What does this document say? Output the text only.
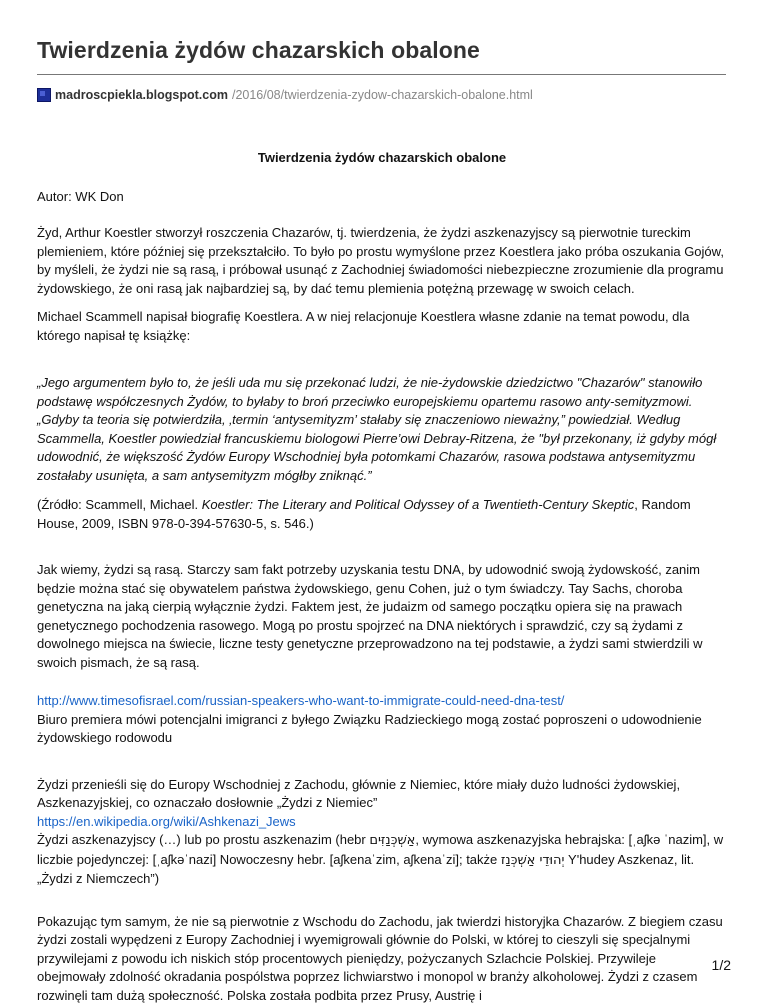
Twierdzenia żydów chazarskich obalone
madroscpiekla.blogspot.com /2016/08/twierdzenia-zydow-chazarskich-obalone.html

Twierdzenia żydów chazarskich obalone

Autor: WK Don

Żyd, Arthur Koestler stworzył roszczenia Chazarów, tj. twierdzenia, że żydzi aszkenazyjscy są pierwotnie tureckim plemieniem, które później się przekształciło. To było po prostu wymyślone przez Koestlera jako próba oszukania Gojów, by myśleli, że żydzi nie są rasą, i próbował usunąć z Zachodniej świadomości niebezpieczne zrozumienie dla programu żydowskiego, że oni rasą jak najbardziej są, by dać temu plemienia potężną przewagę w swoich celach.

Michael Scammell napisał biografię Koestlera. A w niej relacjonuje Koestlera własne zdanie na temat powodu, dla którego napisał tę książkę:

„Jego argumentem było to, że jeśli uda mu się przekonać ludzi, że nie-żydowskie dziedzictwo "Chazarów" stanowiło podstawę współczesnych Żydów, to byłaby to broń przeciwko europejskiemu opartemu rasowo anty-semityzmowi. „Gdyby ta teoria się potwierdziła, ‚termin ‘antysemityzm’ stałaby się znaczeniowo nieważny,” powiedział. Według Scammella, Koestler powiedział francuskiemu biologowi Pierre’owi Debray-Ritzena, że "był przekonany, iż gdyby mógł udowodnić, że większość Żydów Europy Wschodniej była potomkami Chazarów, rasowa podstawa antysemityzmu zostałaby usunięta, a sam antysemityzm mógłby zniknąć.”

(Źródło: Scammell, Michael. Koestler: The Literary and Political Odyssey of a Twentieth-Century Skeptic, Random House, 2009, ISBN 978-0-394-57630-5, s. 546.)

Jak wiemy, żydzi są rasą. Starczy sam fakt potrzeby uzyskania testu DNA, by udowodnić swoją żydowskość, zanim będzie można stać się obywatelem państwa żydowskiego, genu Cohen, już o tym świadczy. Tay Sachs, choroba genetyczna na jaką cierpią wyłącznie żydzi. Faktem jest, że judaizm od samego początku opiera się na prawach genetycznego pochodzenia rasowego. Mogą po prostu spojrzeć na DNA niektórych i sprawdzić, czy są żydami z dowolnego miejsca na świecie, liczne testy genetyczne przeprowadzono na tej podstawie, a żydzi sami stwierdzili w swoich pismach, że są rasą.

http://www.timesofisrael.com/russian-speakers-who-want-to-immigrate-could-need-dna-test/
Biuro premiera mówi potencjalni imigranci z byłego Związku Radzieckiego mogą zostać poproszeni o udowodnienie żydowskiego rodowodu

Żydzi przenieśli się do Europy Wschodniej z Zachodu, głównie z Niemiec, które miały dużo ludności żydowskiej, Aszkenazyjskiej, co oznaczało dosłownie „Żydzi z Niemiec”
https://en.wikipedia.org/wiki/Ashkenazi_Jews
Żydzi aszkenazyjscy (…) lub po prostu aszkenazim (hebr אַשְׁכְּנַזִּים, wymowa aszkenazyjska hebrajska: [ˌaʃkə ˈnazim], w liczbie pojedynczej: [ˌaʃkəˈnazi] Nowoczesny hebr. [aʃkenaˈzim, aʃkenaˈzi]; także יְהוּדֵי אַשְׁכְּנַז Y'hudey Aszkenaz, lit. „Żydzi z Niemczech”)

Pokazując tym samym, że nie są pierwotnie z Wschodu do Zachodu, jak twierdzi historyjka Chazarów. Z biegiem czasu żydzi zostali wypędzeni z Europy Zachodniej i wyemigrowali głównie do Polski, w której to cieszyli się specjalnymi przywilejami z powodu ich niskich stóp procentowych pieniędzy, pożyczanych Szlachcie Polskiej. Przywileje obejmowały zdolność okradania pospólstwa poprzez lichwiarstwo i monopol w branży alkoholowej. Żydzi z czasem rozwinęli tam dużą społeczność. Polska została podbita przez Prusy, Austrię i

1/2
